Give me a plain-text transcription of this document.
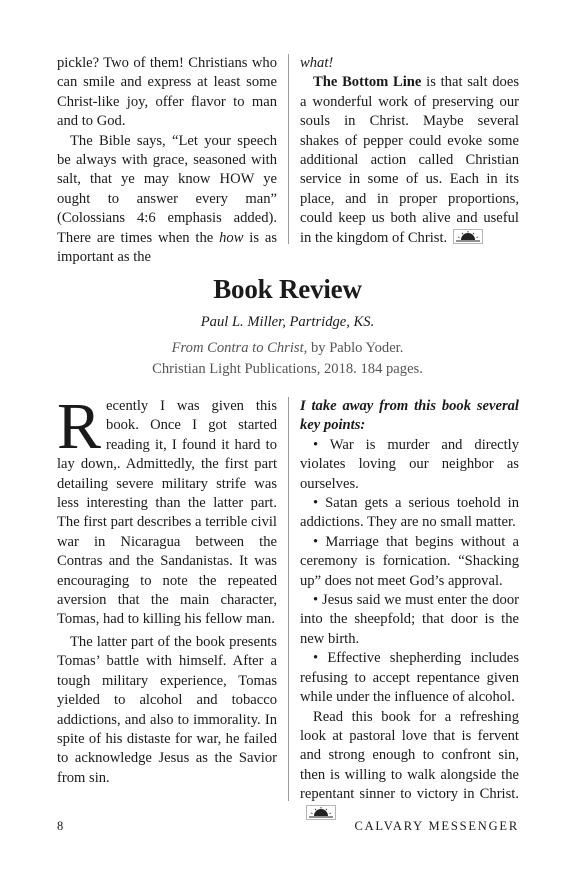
pickle? Two of them! Christians who can smile and express at least some Christ-like joy, offer flavor to man and to God.

The Bible says, “Let your speech be always with grace, seasoned with salt, that ye may know HOW ye ought to answer every man” (Colossians 4:6 emphasis added). There are times when the how is as important as the

what!

The Bottom Line is that salt does a wonderful work of preserving our souls in Christ. Maybe several shakes of pepper could evoke some additional action called Christian service in some of us. Each in its place, and in proper proportions, could keep us both alive and useful in the kingdom of Christ.

Book Review
Paul L. Miller, Partridge, KS.
From Contra to Christ, by Pablo Yoder.
Christian Light Publications, 2018. 184 pages.

Recently I was given this book. Once I got started reading it, I found it hard to lay down,. Admittedly, the first part detailing severe military strife was less interesting than the latter part. The first part describes a terrible civil war in Nicaragua between the Contras and the Sandanistas. It was encouraging to note the repeated aversion that the main character, Tomas, had to killing his fellow man.

The latter part of the book presents Tomas’ battle with himself. After a tough military experience, Tomas yielded to alcohol and tobacco addictions, and also to immorality. In spite of his distaste for war, he failed to acknowledge Jesus as the Savior from sin.

I take away from this book several key points:

• War is murder and directly violates loving our neighbor as ourselves.

• Satan gets a serious toehold in addictions. They are no small matter.

• Marriage that begins without a ceremony is fornication. “Shacking up” does not meet God’s approval.

• Jesus said we must enter the door into the sheepfold; that door is the new birth.

• Effective shepherding includes refusing to accept repentance given while under the influence of alcohol.

Read this book for a refreshing look at pastoral love that is fervent and strong enough to confront sin, then is willing to walk alongside the repentant sinner to victory in Christ.

8	CALVARY MESSENGER
